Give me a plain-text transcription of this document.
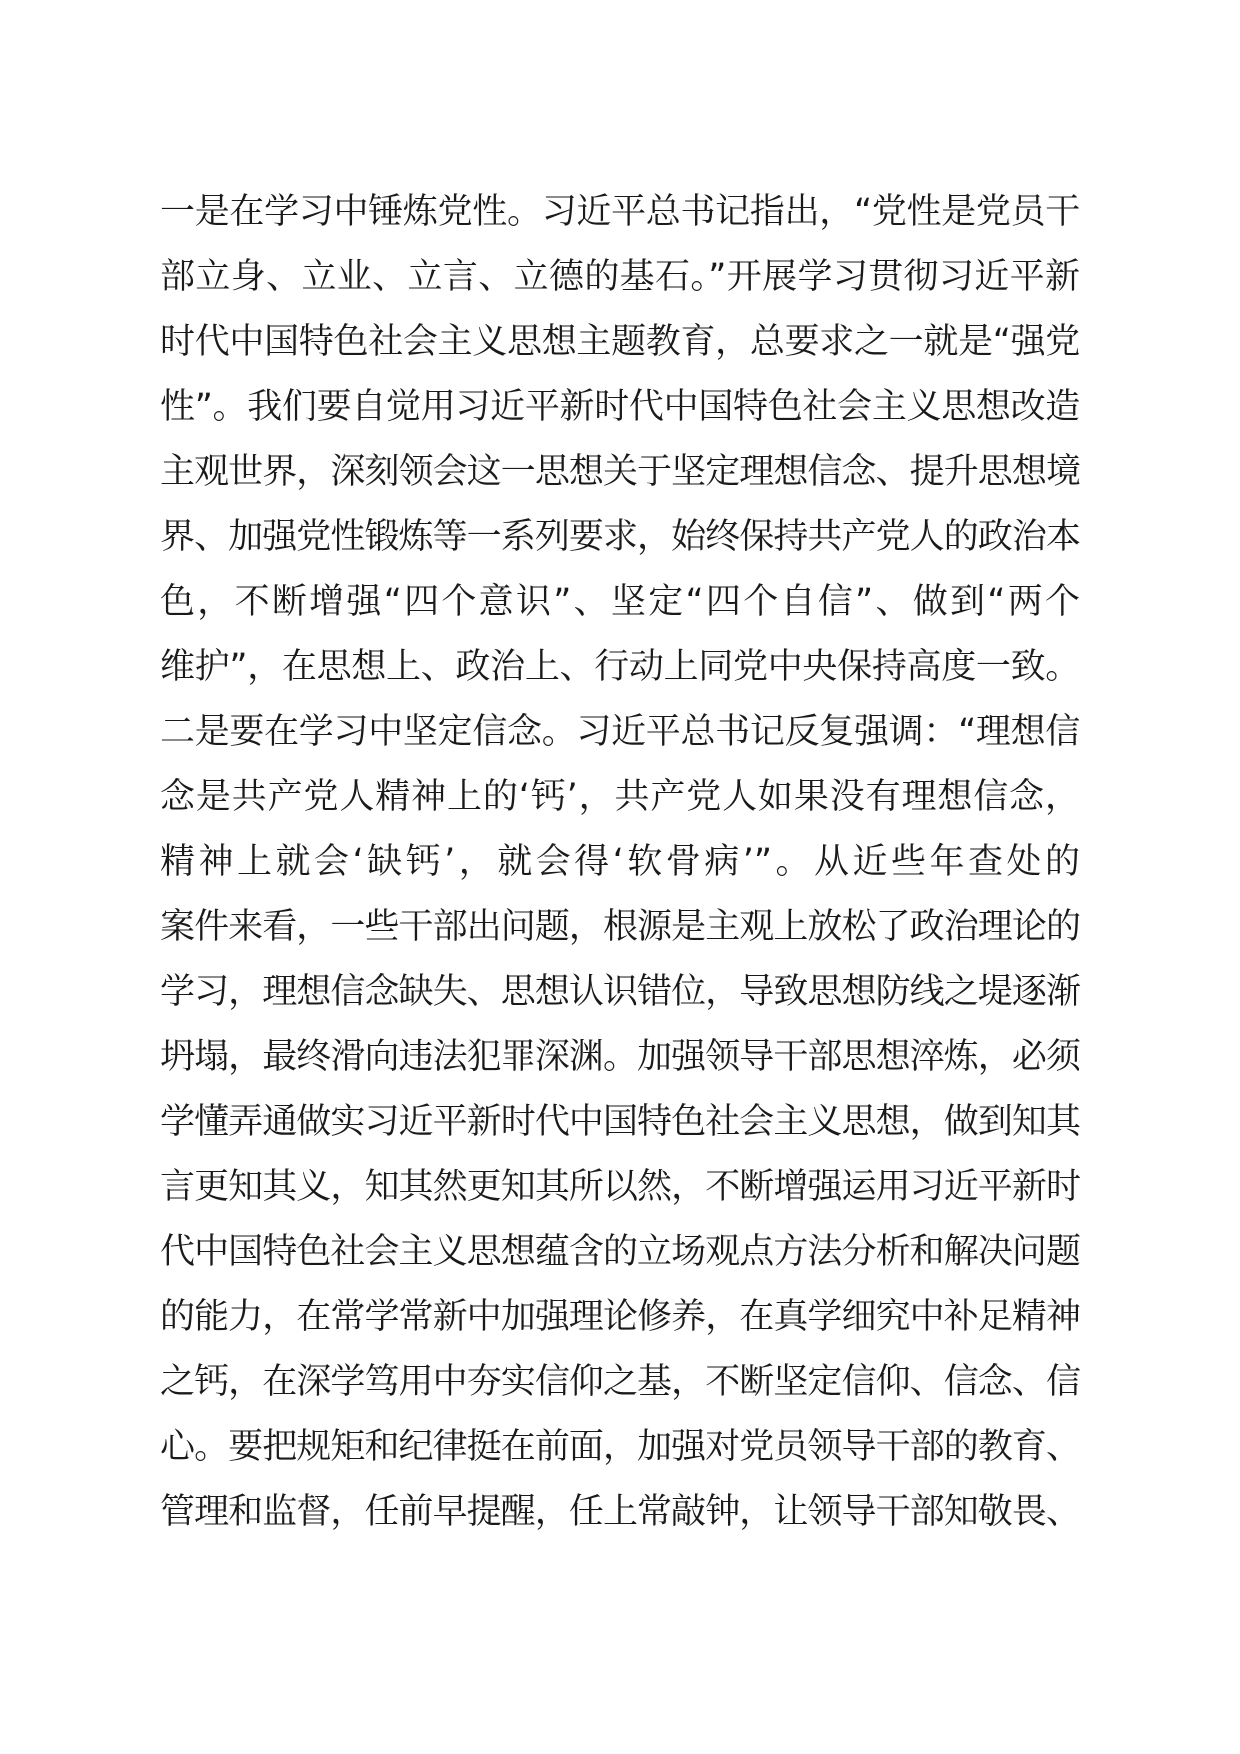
一是在学习中锤炼党性。习近平总书记指出，“党性是党员干
部立身、立业、立言、立德的基石。”开展学习贯彻习近平新
时代中国特色社会主义思想主题教育，总要求之一就是“强党
性”。我们要自觉用习近平新时代中国特色社会主义思想改造
主观世界，深刻领会这一思想关于坚定理想信念、提升思想境
界、加强党性锻炼等一系列要求，始终保持共产党人的政治本
色，不断增强“四个意识”、坚定“四个自信”、做到“两个
维护”，在思想上、政治上、行动上同党中央保持高度一致。
二是要在学习中坚定信念。习近平总书记反复强调：“理想信
念是共产党人精神上的‘钙’，共产党人如果没有理想信念，
精神上就会‘缺钙’，就会得‘软骨病’”。从近些年查处的
案件来看，一些干部出问题，根源是主观上放松了政治理论的
学习，理想信念缺失、思想认识错位，导致思想防线之堤逐渐
坍塌，最终滑向违法犯罪深渊。加强领导干部思想淬炼，必须
学懂弄通做实习近平新时代中国特色社会主义思想，做到知其
言更知其义，知其然更知其所以然，不断增强运用习近平新时
代中国特色社会主义思想蕴含的立场观点方法分析和解决问题
的能力，在常学常新中加强理论修养，在真学细究中补足精神
之钙，在深学笃用中夯实信仰之基，不断坚定信仰、信念、信
心。要把规矩和纪律挺在前面，加强对党员领导干部的教育、
管理和监督，任前早提醒，任上常敲钟，让领导干部知敬畏、
